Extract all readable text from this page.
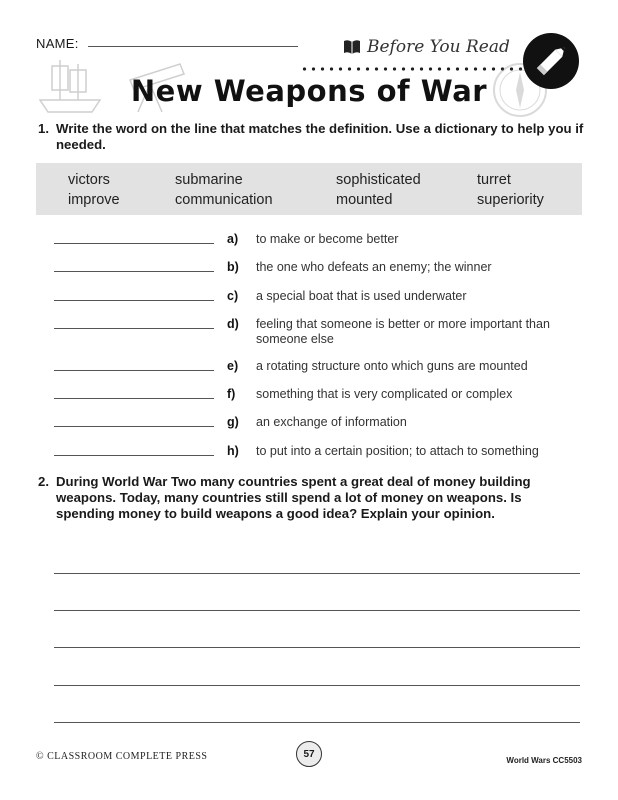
NAME:	Before You Read
New Weapons of War
1. Write the word on the line that matches the definition. Use a dictionary to help you if needed.
victors	submarine	sophisticated	turret
improve	communication	mounted	superiority
a) to make or become better
b) the one who defeats an enemy; the winner
c) a special boat that is used underwater
d) feeling that someone is better or more important than someone else
e) a rotating structure onto which guns are mounted
f) something that is very complicated or complex
g) an exchange of information
h) to put into a certain position; to attach to something
2. During World War Two many countries spent a great deal of money building weapons. Today, many countries still spend a lot of money on weapons. Is spending money to build weapons a good idea? Explain your opinion.
© CLASSROOM COMPLETE PRESS	57
World Wars CC5503
